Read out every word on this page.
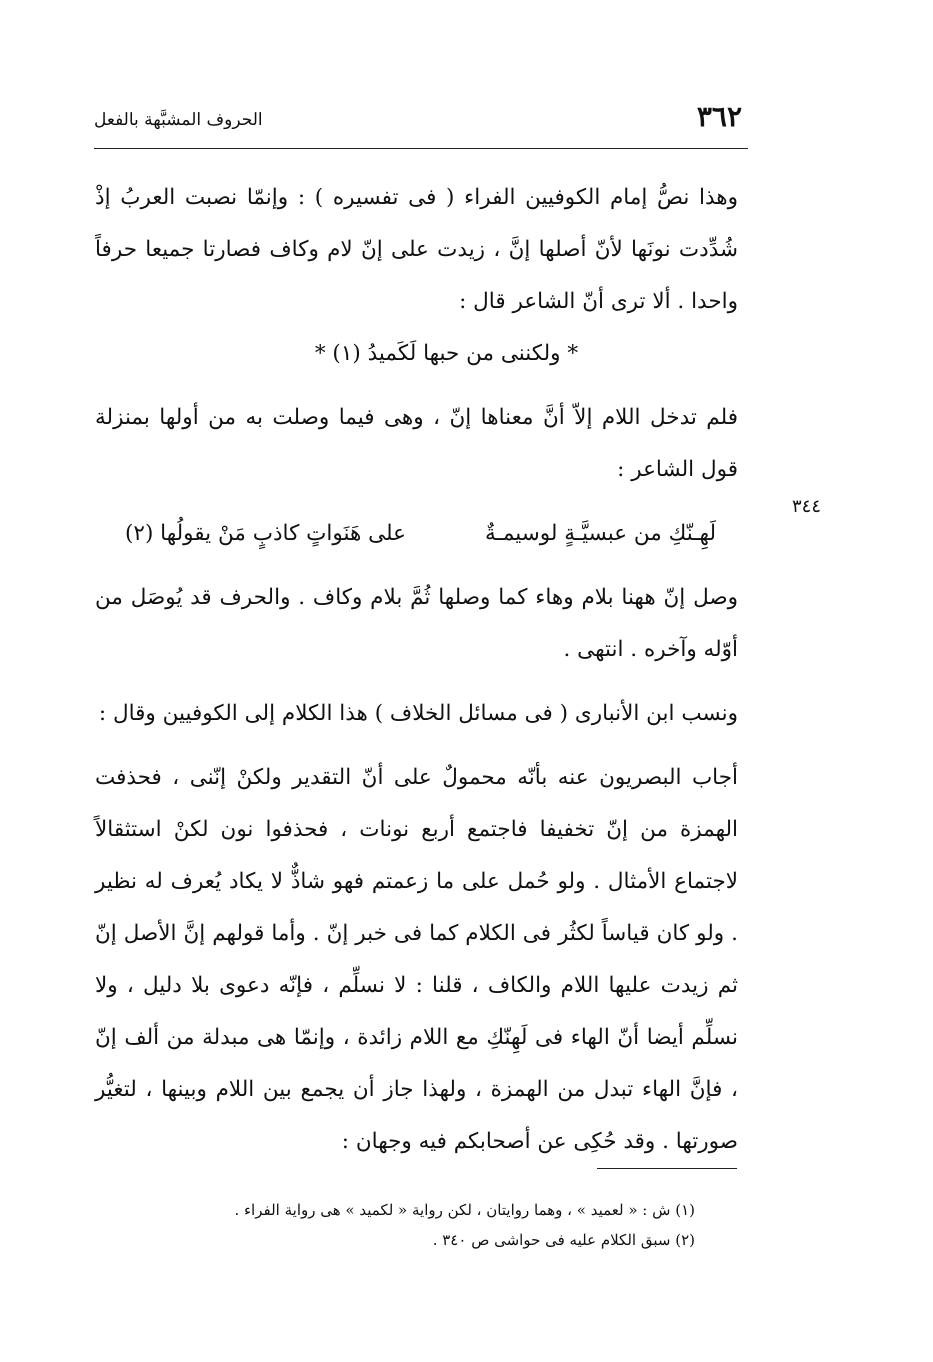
٣٦٢
الحروف المشبَّهة بالفعل
٣٤٤

وهذا نصُّ إمام الكوفيين الفراء ( فى تفسيره ) : وإنمّا نصبت العربُ إذْ شُدِّدت نونَها لأنّ أصلها إنَّ ، زيدت على إنّ لام وكاف فصارتا جميعا حرفاً واحدا . ألا ترى أنّ الشاعر قال :

* ولكننى من حبها لَكَميدُ (١) *

فلم تدخل اللام إلاّ أنَّ معناها إنّ ، وهى فيما وصلت به من أولها بمنزلة قول الشاعر :

لَهِـنّكِ من عبسيَّـةٍ لوسيمـةٌ
على هَنَواتٍ كاذبٍ مَنْ يقولُها (٢)

وصل إنّ ههنا بلام وهاء كما وصلها ثُمَّ بلام وكاف . والحرف قد يُوصَل من أوّله وآخره . انتهى .

ونسب ابن الأنبارى ( فى مسائل الخلاف ) هذا الكلام إلى الكوفيين وقال :

أجاب البصريون عنه بأنّه محمولٌ على أنّ التقدير ولكنْ إنّنى ، فحذفت الهمزة من إنّ تخفيفا فاجتمع أربع نونات ، فحذفوا نون لكنْ استثقالاً لاجتماع الأمثال . ولو حُمل على ما زعمتم فهو شاذٌّ لا يكاد يُعرف له نظير . ولو كان قياساً لكثُر فى الكلام كما فى خبر إنّ . وأما قولهم إنَّ الأصل إنّ ثم زيدت عليها اللام والكاف ، قلنا : لا نسلِّم ، فإنّه دعوى بلا دليل ، ولا نسلِّم أيضا أنّ الهاء فى لَهِنّكِ مع اللام زائدة ، وإنمّا هى مبدلة من ألف إنّ ، فإنَّ الهاء تبدل من الهمزة ، ولهذا جاز أن يجمع بين اللام وبينها ، لتغيُّر صورتها . وقد حُكِى عن أصحابكم فيه وجهان :

(١) ش : « لعميد » ، وهما روايتان ، لكن رواية « لكميد » هى رواية الفراء .

(٢) سبق الكلام عليه فى حواشى ص ٣٤٠ .
